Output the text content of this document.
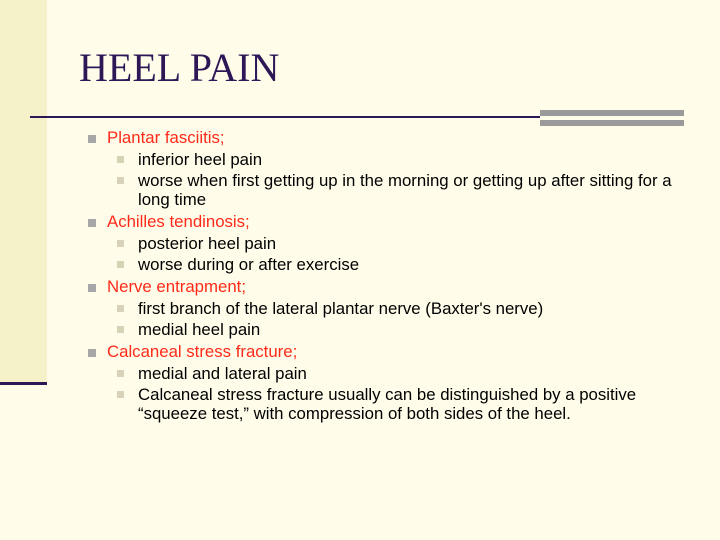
HEEL PAIN
Plantar fasciitis;
inferior heel pain
worse when first getting up in the morning or getting up after sitting for a long time
Achilles tendinosis;
posterior heel pain
worse during or after exercise
Nerve entrapment;
first branch of the lateral plantar nerve (Baxter's nerve)
medial heel pain
Calcaneal stress fracture;
medial and lateral pain
Calcaneal stress fracture usually can be distinguished by a positive “squeeze test,” with compression of both sides of the heel.
